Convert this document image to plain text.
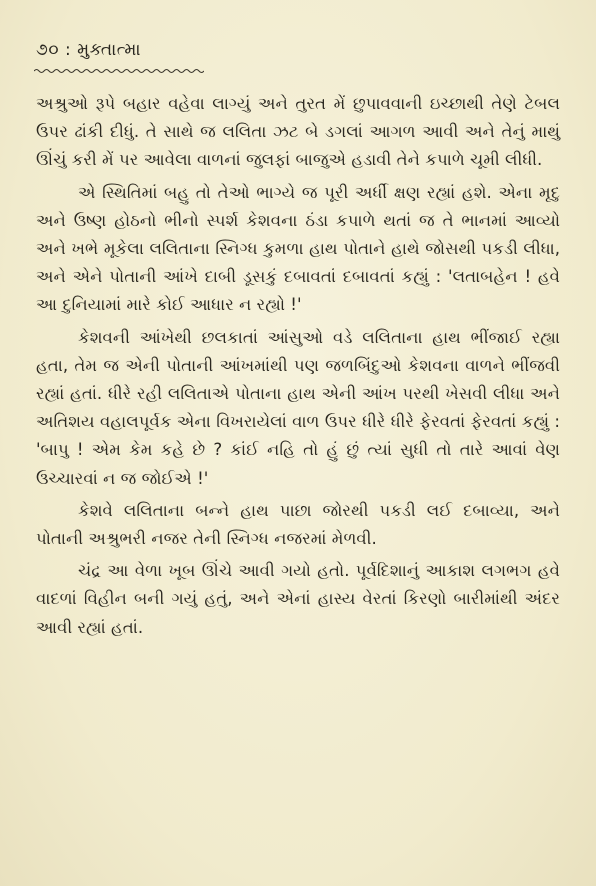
૭૦ : મુક્તાત્મા

અશ્રુઓ રૂપે બહાર વહેવા લાગ્યું અને તુરત મેં છુપાવવાની ઇચ્છાથી તેણે ટેબલ ઉપર ઢાંકી દીધું. તે સાથે જ લલિતા ઝટ બે ડગલાં આગળ આવી અને તેનું માથું ઊંચું કરી મેં પર આવેલા વાળનાં જુલફાં બાજુએ હડાવી તેને કપાળે ચૂમી લીધી.

એ સ્થિતિમાં બહુ તો તેઓ ભાગ્યે જ પૂરી અર્ધી ક્ષણ રહ્યાં હશે. એના મૃદુ અને ઉષ્ણ હોઠનો ભીનો સ્પર્શ કેશવના ઠંડા કપાળે થતાં જ તે ભાનમાં આવ્યો અને ખભે મૂકેલા લલિતાના સ્નિગ્ધ કુમળા હાથ પોતાને હાથે જોસથી પકડી લીધા, અને એને પોતાની આંખે દાબી ડૂસકું દબાવતાં દબાવતાં કહ્યું : 'લતાબહેન ! હવે આ દુનિયામાં મારે કોઈ આધાર ન રહ્યો !'

કેશવની આંખેથી છલકાતાં આંસુઓ વડે લલિતાના હાથ ભીંજાઈ રહ્યા હતા, તેમ જ એની પોતાની આંખમાંથી પણ જળબિંદુઓ કેશવના વાળને ભીંજવી રહ્યાં હતાં. ધીરે રહી લલિતાએ પોતાના હાથ એની આંખ પરથી ખેસવી લીધા અને અતિશય વહાલપૂર્વક એના વિખરાયેલાં વાળ ઉપર ધીરે ધીરે ફેરવતાં ફેરવતાં કહ્યું : 'બાપુ ! એમ કેમ કહે છે ? કાંઈ નહિ તો હું છું ત્યાં સુધી તો તારે આવાં વેણ ઉચ્ચારવાં ન જ જોઈએ !'

કેશવે લલિતાના બન્ને હાથ પાછા જોરથી પકડી લઈ દબાવ્યા, અને પોતાની અશ્રુભરી નજર તેની સ્નિગ્ધ નજરમાં મેળવી.

ચંદ્ર આ વેળા ખૂબ ઊંચે આવી ગયો હતો. પૂર્વદિશાનું આકાશ લગભગ હવે વાદળાં વિહીન બની ગયું હતું, અને એનાં હાસ્ય વેરતાં કિરણો બારીમાંથી અંદર આવી રહ્યાં હતાં.
